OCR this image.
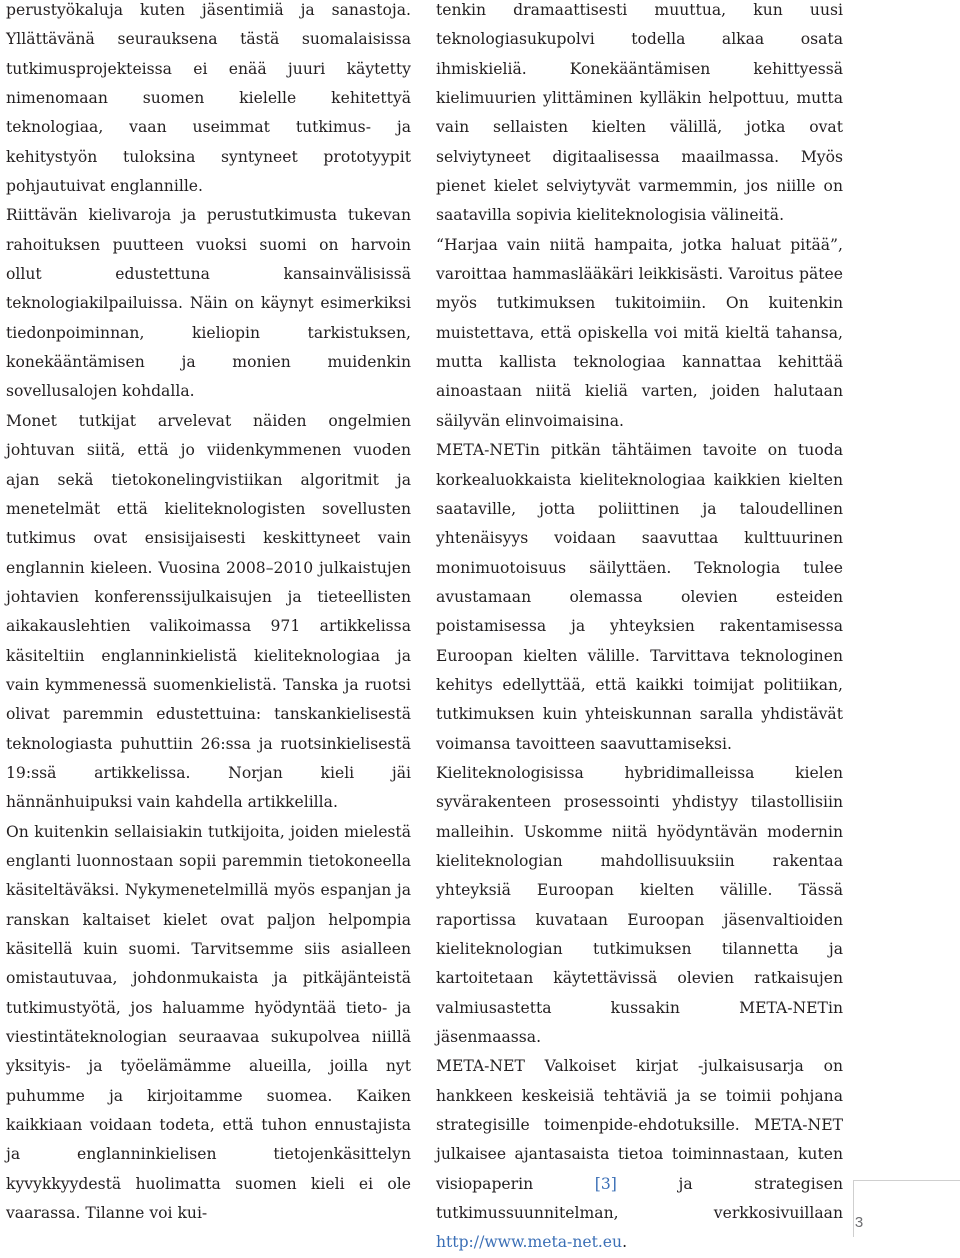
perustyökaluja kuten jäsentimiä ja sanastoja. Yllättävänä seurauksena tästä suomalaisissa tutkimusprojekteissa ei enää juuri käytetty nimenomaan suomen kielelle kehitettyä teknologiaa, vaan useimmat tutkimus- ja kehitystyön tuloksina syntyneet prototyypit pohjautuivat englannille.

Riittävän kielivaroja ja perustutkimusta tukevan rahoituksen puutteen vuoksi suomi on harvoin ollut edustettuna kansainvälisissä teknologiakilpailuissa. Näin on käynyt esimerkiksi tiedonpoiminnan, kieliopin tarkistuksen, konekääntämisen ja monien muidenkin sovellusalojen kohdalla.

Monet tutkijat arvelevat näiden ongelmien johtuvan siitä, että jo viidenkymmenen vuoden ajan sekä tietokonelingvistiikan algoritmit ja menetelmät että kieliteknologisten sovellusten tutkimus ovat ensisijaisesti keskittyneet vain englannin kieleen. Vuosina 2008–2010 julkaistujen johtavien konferenssijulkaisujen ja tieteellisten aikakauslehtien valikoimassa 971 artikkelissa käsiteltiin englanninkielistä kieliteknologiaa ja vain kymmenessä suomenkielistä. Tanska ja ruotsi olivat paremmin edustettuina: tanskankielisestä teknologiasta puhuttiin 26:ssa ja ruotsinkielisestä 19:ssä artikkelissa. Norjan kieli jäi hännänhuipuksi vain kahdella artikkelilla.

On kuitenkin sellaisiakin tutkijoita, joiden mielestä englanti luonnostaan sopii paremmin tietokoneella käsiteltäväksi. Nykymenetelmillä myös espanjan ja ranskan kaltaiset kielet ovat paljon helpompia käsitellä kuin suomi. Tarvitsemme siis asialleen omistautuvaa, johdonmukaista ja pitkäjänteistä tutkimustyötä, jos haluamme hyödyntää tieto- ja viestintäteknologian seuraavaa sukupolvea niillä yksityis- ja työelämämme alueilla, joilla nyt puhumme ja kirjoitamme suomea. Kaiken kaikkiaan voidaan todeta, että tuhon ennustajista ja englanninkielisen tietojenkäsittelyn kyvykkyydestä huolimatta suomen kieli ei ole vaarassa. Tilanne voi kui-

tenkin dramaattisesti muuttua, kun uusi teknologiasukupolvi todella alkaa osata ihmiskieliä. Konekääntämisen kehittyessä kielimuurien ylittäminen kylläkin helpottuu, mutta vain sellaisten kielten välillä, jotka ovat selviytyneet digitaalisessa maailmassa. Myös pienet kielet selviytyvät varmemmin, jos niille on saatavilla sopivia kieliteknologisia välineitä.

“Harjaa vain niitä hampaita, jotka haluat pitää”, varoittaa hammaslääkäri leikkisästi. Varoitus pätee myös tutkimuksen tukitoimiin. On kuitenkin muistettava, että opiskella voi mitä kieltä tahansa, mutta kallista teknologiaa kannattaa kehittää ainoastaan niitä kieliä varten, joiden halutaan säilyvän elinvoimaisina.

META-NETin pitkän tähtäimen tavoite on tuoda korkealuokkaista kieliteknologiaa kaikkien kielten saataville, jotta poliittinen ja taloudellinen yhtenäisyys voidaan saavuttaa kulttuurinen monimuotoisuus säilyttäen. Teknologia tulee avustamaan olemassa olevien esteiden poistamisessa ja yhteyksien rakentamisessa Euroopan kielten välille. Tarvittava teknologinen kehitys edellyttää, että kaikki toimijat politiikan, tutkimuksen kuin yhteiskunnan saralla yhdistävät voimansa tavoitteen saavuttamiseksi.

Kieliteknologisissa hybridimalleissa kielen syvärakenteen prosessointi yhdistyy tilastollisiin malleihin. Uskomme niitä hyödyntävän modernin kieliteknologian mahdollisuuksiin rakentaa yhteyksiä Euroopan kielten välille. Tässä raportissa kuvataan Euroopan jäsenvaltioiden kieliteknologian tutkimuksen tilannetta ja kartoitetaan käytettävissä olevien ratkaisujen valmiusastetta kussakin META-NETin jäsenmaassa.

META-NET Valkoiset kirjat -julkaisusarja on hankkeen keskeisiä tehtäviä ja se toimii pohjana strategisille toimenpide-ehdotuksille. META-NET julkaisee ajantasaista tietoa toiminnastaan, kuten visiopaperin [3] ja strategisen tutkimussuunnitelman, verkkosivuillaan http://www.meta-net.eu.

3
